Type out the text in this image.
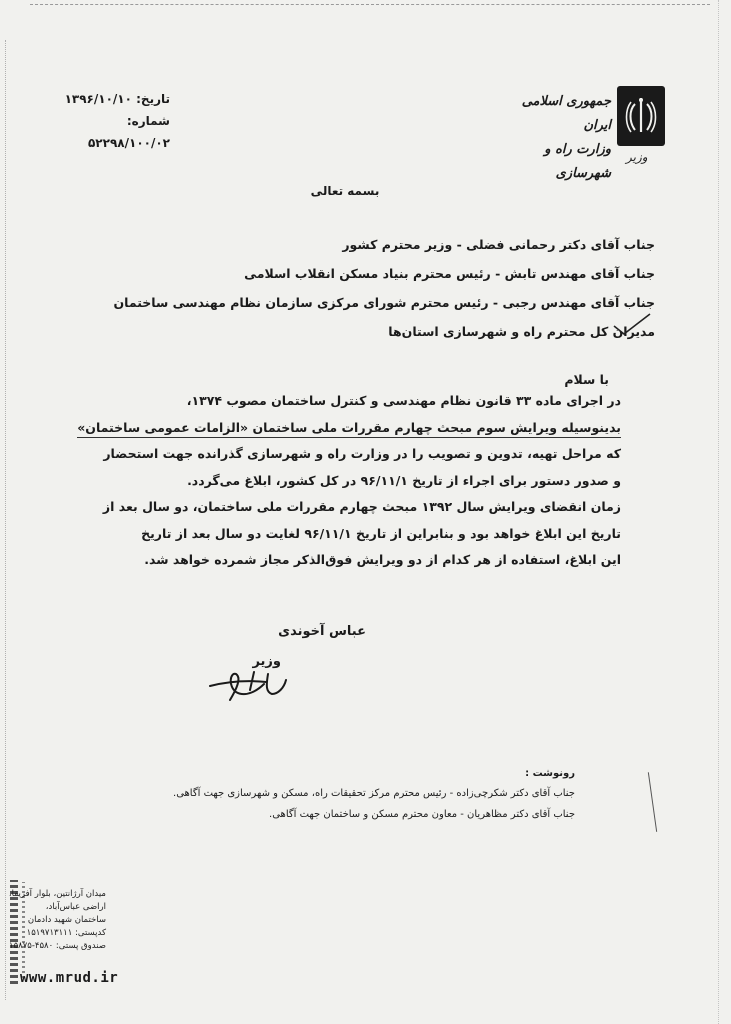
جمهوری اسلامی ایران
وزارت راه و شهرسازی
وزیر
تاریخ: ۱۳۹۶/۱۰/۱۰
شماره: ۵۲۲۹۸/۱۰۰/۰۲
بسمه تعالی
جناب آقای دکتر رحمانی فضلی - وزیر محترم کشور
جناب آقای مهندس تابش - رئیس محترم بنیاد مسکن انقلاب اسلامی
جناب آقای مهندس رجبی - رئیس محترم شورای مرکزی سازمان نظام مهندسی ساختمان
مدیران کل محترم راه و شهرسازی استان‌ها
با سلام
در اجرای ماده ۳۳ قانون نظام مهندسی و کنترل ساختمان مصوب ۱۳۷۴،
بدینوسیله ویرایش سوم مبحث چهارم مقررات ملی ساختمان «الزامات عمومی ساختمان»
که مراحل تهیه، تدوین و تصویب را در وزارت راه و شهرسازی گذرانده جهت استحضار
و صدور دستور برای اجراء از تاریخ ۹۶/۱۱/۱ در کل کشور، ابلاغ می‌گردد.
زمان انقضای ویرایش سال ۱۳۹۲ مبحث چهارم مقررات ملی ساختمان، دو سال بعد از
تاریخ این ابلاغ خواهد بود و بنابراین از تاریخ ۹۶/۱۱/۱ لغایت دو سال بعد از تاریخ
این ابلاغ، استفاده از هر کدام از دو ویرایش فوق‌الذکر مجاز شمرده خواهد شد.
عباس آخوندی
وزیر
رونوشت :
جناب آقای دکتر شکرچی‌زاده - رئیس محترم مرکز تحقیقات راه، مسکن و شهرسازی جهت آگاهی.
جناب آقای دکتر مظاهریان - معاون محترم مسکن و ساختمان جهت آگاهی.
میدان آرژانتین، بلوار آفریقا،
اراضی عباس‌آباد،
ساختمان شهید دادمان
کدپستی: ۱۵۱۹۷۱۳۱۱۱
صندوق پستی: ۴۵۸۰-۱۵۸۷۵
www.mrud.ir
